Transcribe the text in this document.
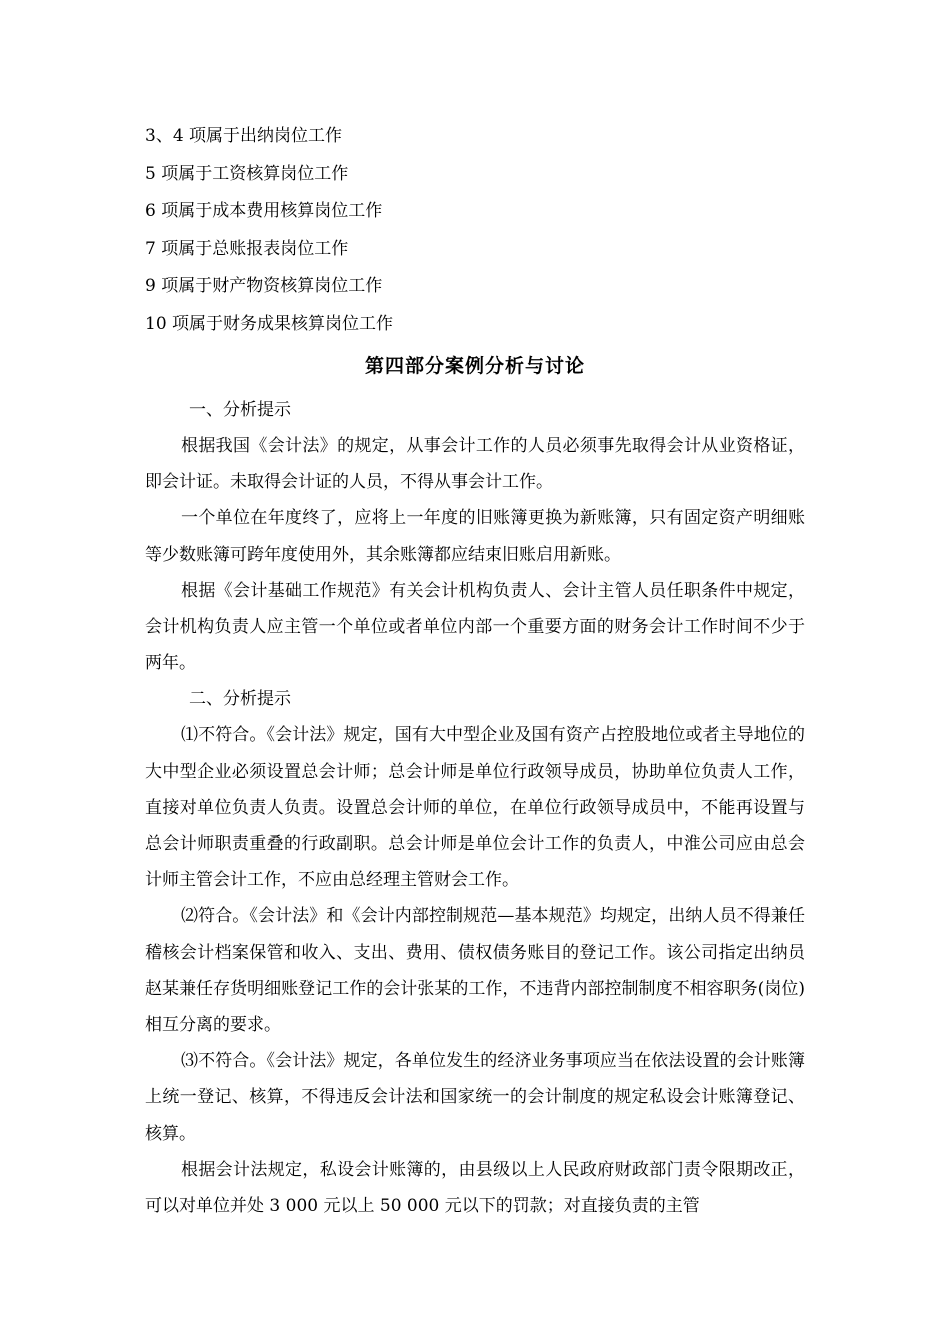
3、4 项属于出纳岗位工作
5 项属于工资核算岗位工作
6 项属于成本费用核算岗位工作
7 项属于总账报表岗位工作
9 项属于财产物资核算岗位工作
10 项属于财务成果核算岗位工作
第四部分案例分析与讨论

一、分析提示

根据我国《会计法》的规定，从事会计工作的人员必须事先取得会计从业资格证，即会计证。未取得会计证的人员，不得从事会计工作。

一个单位在年度终了，应将上一年度的旧账簿更换为新账簿，只有固定资产明细账等少数账簿可跨年度使用外，其余账簿都应结束旧账启用新账。

根据《会计基础工作规范》有关会计机构负责人、会计主管人员任职条件中规定，会计机构负责人应主管一个单位或者单位内部一个重要方面的财务会计工作时间不少于两年。

二、分析提示

⑴不符合。《会计法》规定，国有大中型企业及国有资产占控股地位或者主导地位的大中型企业必须设置总会计师；总会计师是单位行政领导成员，协助单位负责人工作，直接对单位负责人负责。设置总会计师的单位，在单位行政领导成员中，不能再设置与总会计师职责重叠的行政副职。总会计师是单位会计工作的负责人，中淮公司应由总会计师主管会计工作，不应由总经理主管财会工作。

⑵符合。《会计法》和《会计内部控制规范—基本规范》均规定，出纳人员不得兼任稽核会计档案保管和收入、支出、费用、债权债务账目的登记工作。该公司指定出纳员赵某兼任存货明细账登记工作的会计张某的工作，不违背内部控制制度不相容职务(岗位)相互分离的要求。

⑶不符合。《会计法》规定，各单位发生的经济业务事项应当在依法设置的会计账簿上统一登记、核算，不得违反会计法和国家统一的会计制度的规定私设会计账簿登记、核算。

根据会计法规定，私设会计账簿的，由县级以上人民政府财政部门责令限期改正，可以对单位并处 3 000 元以上 50 000 元以下的罚款；对直接负责的主管
